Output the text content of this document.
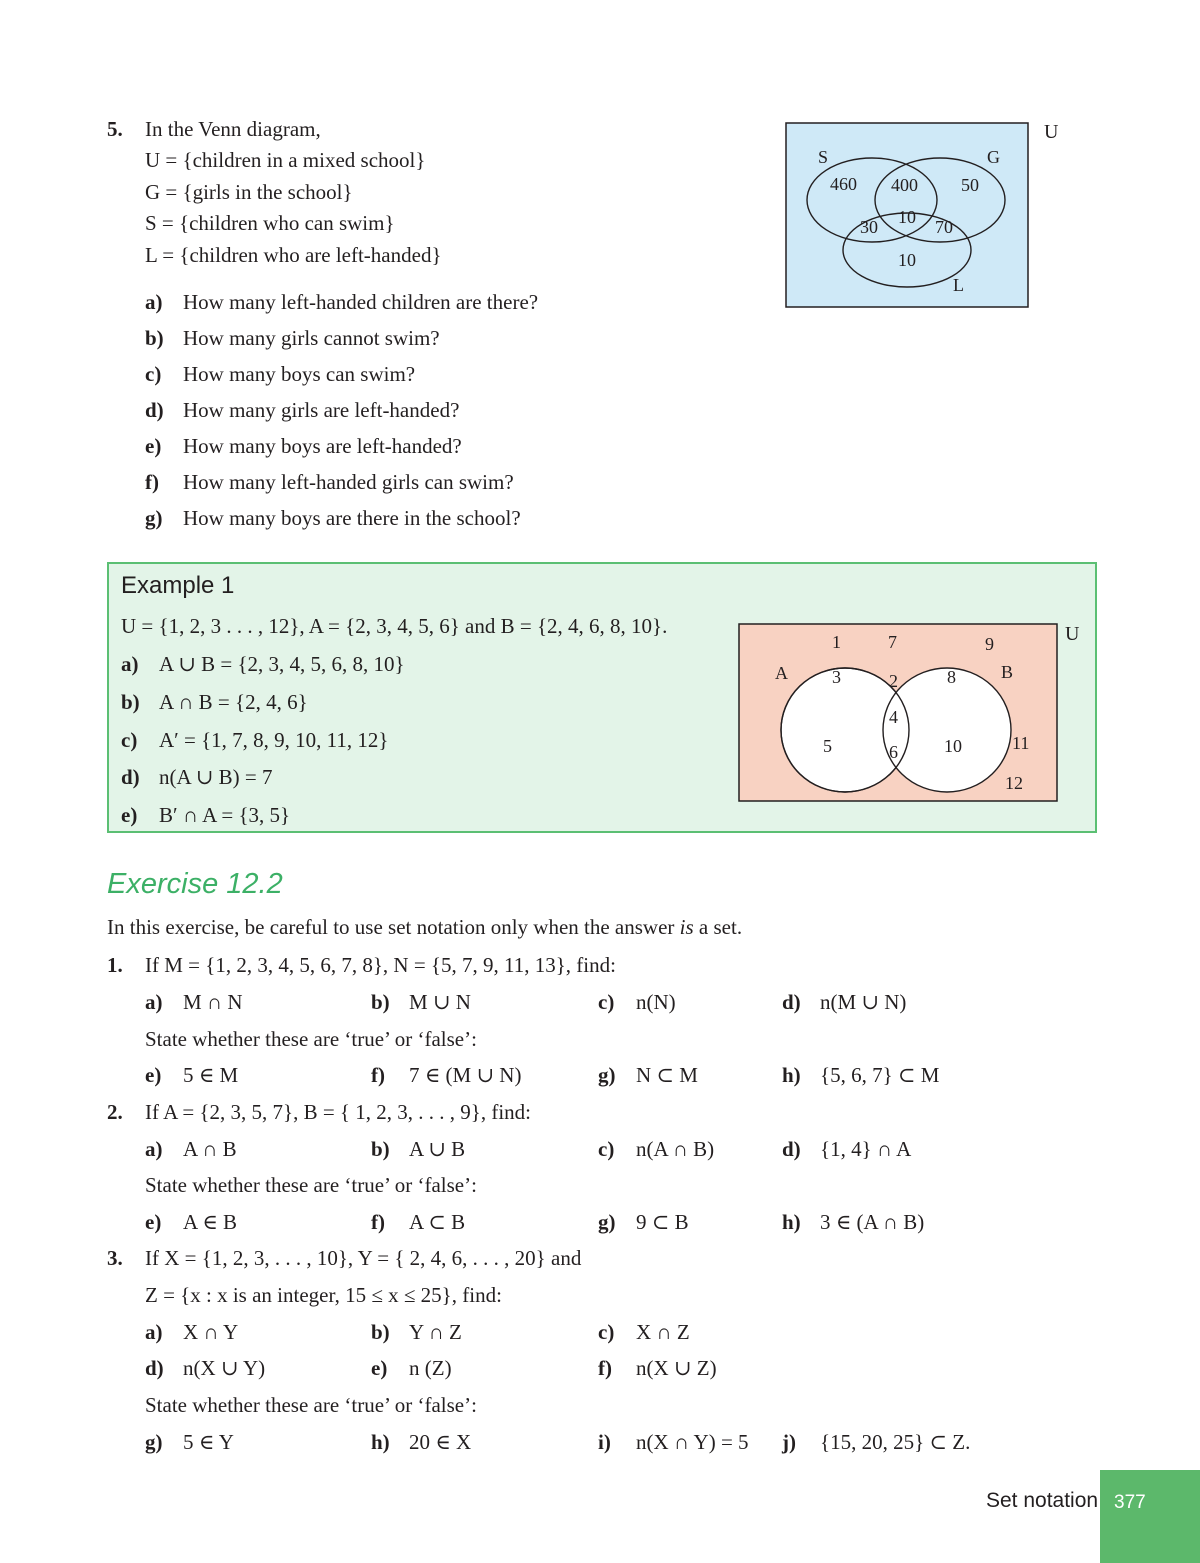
5. In the Venn diagram,
U = {children in a mixed school}
G = {girls in the school}
S = {children who can swim}
L = {children who are left-handed}
a) How many left-handed children are there?
b) How many girls cannot swim?
c) How many boys can swim?
d) How many girls are left-handed?
e) How many boys are left-handed?
f) How many left-handed girls can swim?
g) How many boys are there in the school?
U
S	G
L
460 400 50
30 10 70
10
Example 1
U = {1, 2, 3 . . . , 12}, A = {2, 3, 4, 5, 6} and B = {2, 4, 6, 8, 10}.
a) A ∪ B = {2, 3, 4, 5, 6, 8, 10}
b) A ∩ B = {2, 4, 6}
c) A′ = {1, 7, 8, 9, 10, 11, 12}
d) n(A ∪ B) = 7
e) B′ ∩ A = {3, 5}
U
A	B
1	7	9
3	2	8
4
5	6	10	11
12
Exercise 12.2
In this exercise, be careful to use set notation only when the answer is a set.
1. If M = {1, 2, 3, 4, 5, 6, 7, 8}, N = {5, 7, 9, 11, 13}, find:
a) M ∩ N	b) M ∪ N	c) n(N)	d) n(M ∪ N)
State whether these are ‘true’ or ‘false’:
e) 5 ∈ M	f) 7 ∈ (M ∪ N)	g) N ⊂ M	h) {5, 6, 7} ⊂ M
2. If A = {2, 3, 5, 7}, B = { 1, 2, 3, . . . , 9}, find:
a) A ∩ B	b) A ∪ B	c) n(A ∩ B)	d) {1, 4} ∩ A
State whether these are ‘true’ or ‘false’:
e) A ∈ B	f) A ⊂ B	g) 9 ⊂ B	h) 3 ∈ (A ∩ B)
3. If X = {1, 2, 3, . . . , 10}, Y = { 2, 4, 6, . . . , 20} and
Z = {x : x is an integer, 15 ≤ x ≤ 25}, find:
a) X ∩ Y	b) Y ∩ Z	c) X ∩ Z
d) n(X ∪ Y)	e) n (Z)	f) n(X ∪ Z)
State whether these are ‘true’ or ‘false’:
g) 5 ∈ Y	h) 20 ∈ X	i) n(X ∩ Y) = 5 j) {15, 20, 25} ⊂ Z.
Set notation 377
